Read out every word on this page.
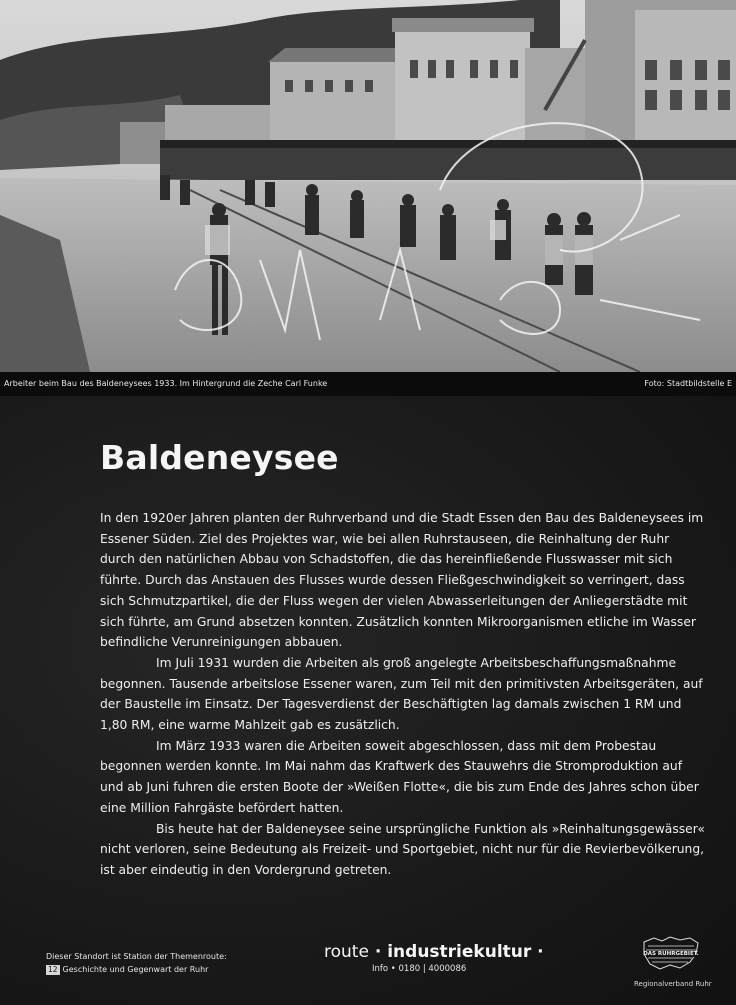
Arbeiter beim Bau des Baldeneysees 1933. Im Hintergrund die Zeche Carl Funke	Foto: Stadtbildstelle E
Baldeneysee

In den 1920er Jahren planten der Ruhrverband und die Stadt Essen den Bau des Baldeneysees im Essener Süden. Ziel des Projektes war, wie bei allen Ruhrstauseen, die Reinhaltung der Ruhr durch den natürlichen Abbau von Schadstoffen, die das hereinfließende Flusswasser mit sich führte. Durch das Anstauen des Flusses wurde dessen Fließgeschwindigkeit so verringert, dass sich Schmutzpartikel, die der Fluss wegen der vielen Abwasserleitungen der Anliegerstädte mit sich führte, am Grund absetzen konnten. Zusätzlich konnten Mikroorganismen etliche im Wasser befindliche Verunreinigungen abbauen.

Im Juli 1931 wurden die Arbeiten als groß angelegte Arbeitsbeschaffungsmaßnahme begonnen. Tausende arbeitslose Essener waren, zum Teil mit den primitivsten Arbeitsgeräten, auf der Baustelle im Einsatz. Der Tagesverdienst der Beschäftigten lag damals zwischen 1 RM und 1,80 RM, eine warme Mahlzeit gab es zusätzlich.

Im März 1933 waren die Arbeiten soweit abgeschlossen, dass mit dem Probestau begonnen werden konnte. Im Mai nahm das Kraftwerk des Stauwehrs die Stromproduktion auf und ab Juni fuhren die ersten Boote der »Weißen Flotte«, die bis zum Ende des Jahres schon über eine Million Fahrgäste befördert hatten.

Bis heute hat der Baldeneysee seine ursprüngliche Funktion als »Reinhaltungsgewässer« nicht verloren, seine Bedeutung als Freizeit- und Sportgebiet, nicht nur für die Revierbevölkerung, ist aber eindeutig in den Vordergrund getreten.

Dieser Standort ist Station der Themenroute:
12 Geschichte und Gegenwart der Ruhr
route · industriekultur ·
Info • 0180 | 4000086
DAS RUHRGEBIET.
Regionalverband Ruhr
